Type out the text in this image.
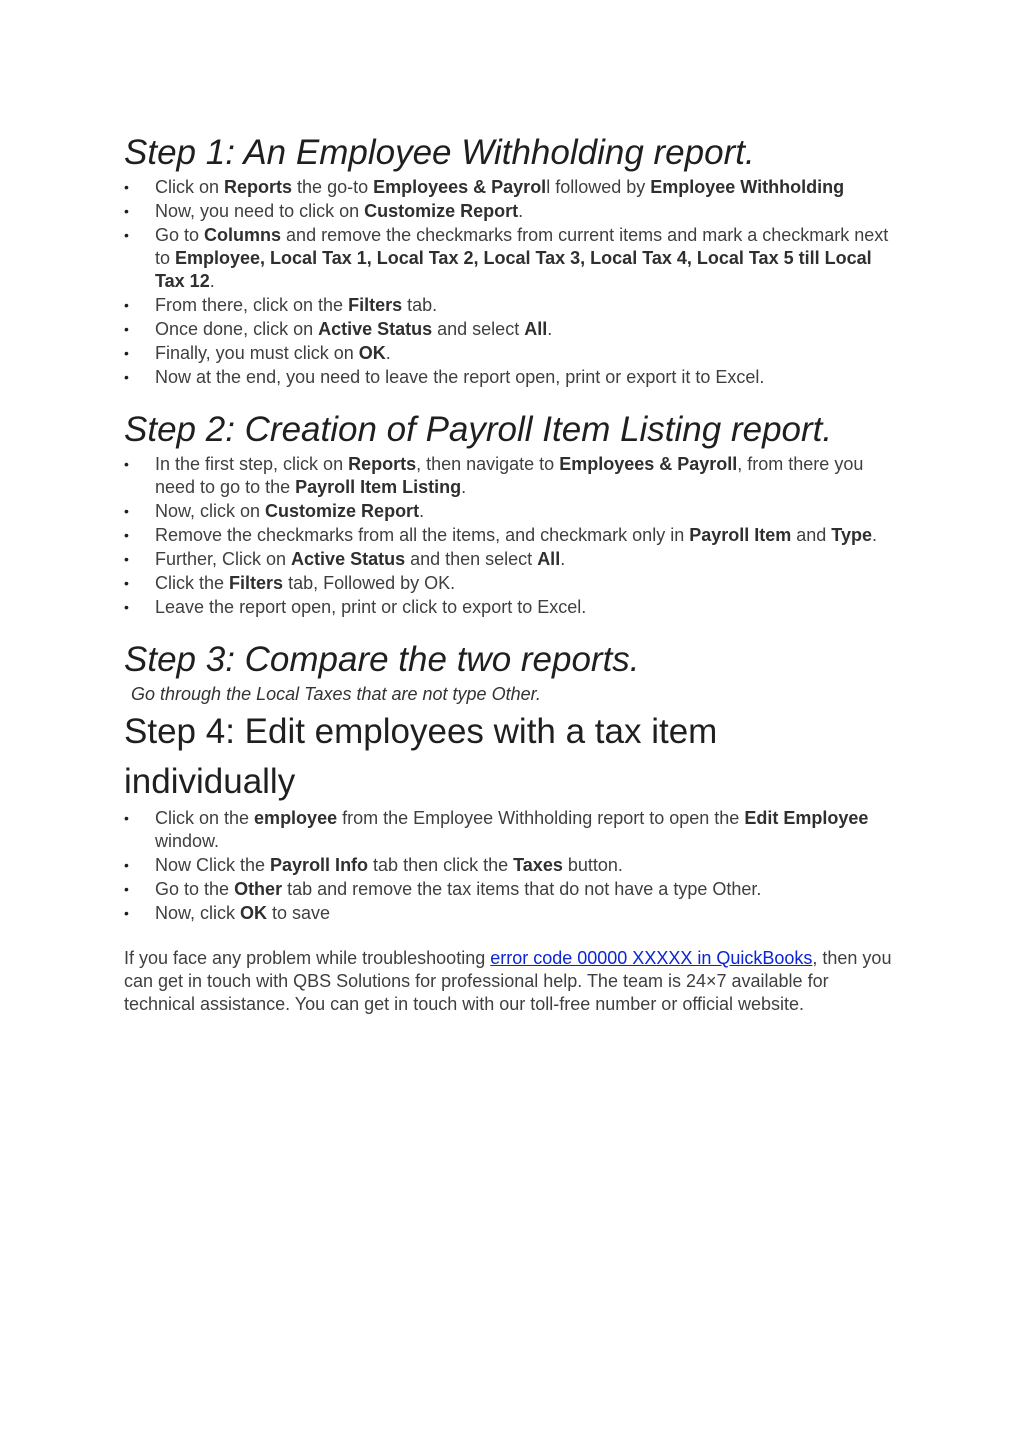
Step 1: An Employee Withholding report.
•	Click on Reports the go-to Employees & Payroll followed by Employee Withholding
•	Now, you need to click on Customize Report.
•	Go to Columns and remove the checkmarks from current items and mark a checkmark next to Employee, Local Tax 1, Local Tax 2, Local Tax 3, Local Tax 4, Local Tax 5 till Local Tax 12.
•	From there, click on the Filters tab.
•	Once done, click on Active Status and select All.
•	Finally, you must click on OK.
•	Now at the end, you need to leave the report open, print or export it to Excel.
Step 2: Creation of Payroll Item Listing report.
•	In the first step, click on Reports, then navigate to Employees & Payroll, from there you need to go to the Payroll Item Listing.
•	Now, click on Customize Report.
•	Remove the checkmarks from all the items, and checkmark only in Payroll Item and Type.
•	Further, Click on Active Status and then select All.
•	Click the Filters tab, Followed by OK.
•	Leave the report open, print or click to export to Excel.
Step 3: Compare the two reports.
Go through the Local Taxes that are not type Other.
Step 4: Edit employees with a tax item individually
•	Click on the employee from the Employee Withholding report to open the Edit Employee window.
•	Now Click the Payroll Info tab then click the Taxes button.
•	Go to the Other tab and remove the tax items that do not have a type Other.
•	Now, click OK to save

If you face any problem while troubleshooting error code 00000 XXXXX in QuickBooks, then you can get in touch with QBS Solutions for professional help. The team is 24×7 available for technical assistance. You can get in touch with our toll-free number or official website.
